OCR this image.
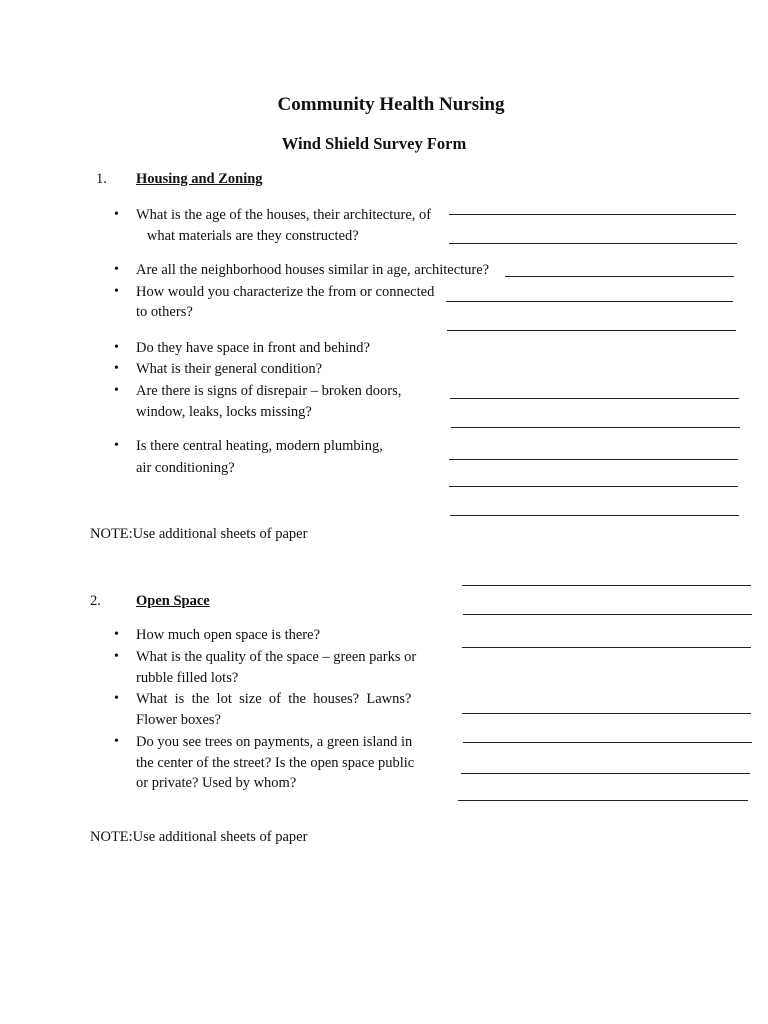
Community Health Nursing
Wind Shield Survey Form
1. Housing and Zoning
• What is the age of the houses, their architecture, of
what materials are they constructed?
• Are all the neighborhood houses similar in age, architecture?
• How would you characterize the from or connected
to others?
• Do they have space in front and behind?
• What is their general condition?
• Are there is signs of disrepair – broken doors,
window, leaks, locks missing?
• Is there central heating, modern plumbing,
air conditioning?
NOTE:Use additional sheets of paper
2. Open Space
• How much open space is there?
• What is the quality of the space – green parks or
rubble filled lots?
• What  is  the  lot  size  of  the  houses?  Lawns?
Flower boxes?
• Do you see trees on payments, a green island in
the center of the street? Is the open space public
or private? Used by whom?
NOTE:Use additional sheets of paper
